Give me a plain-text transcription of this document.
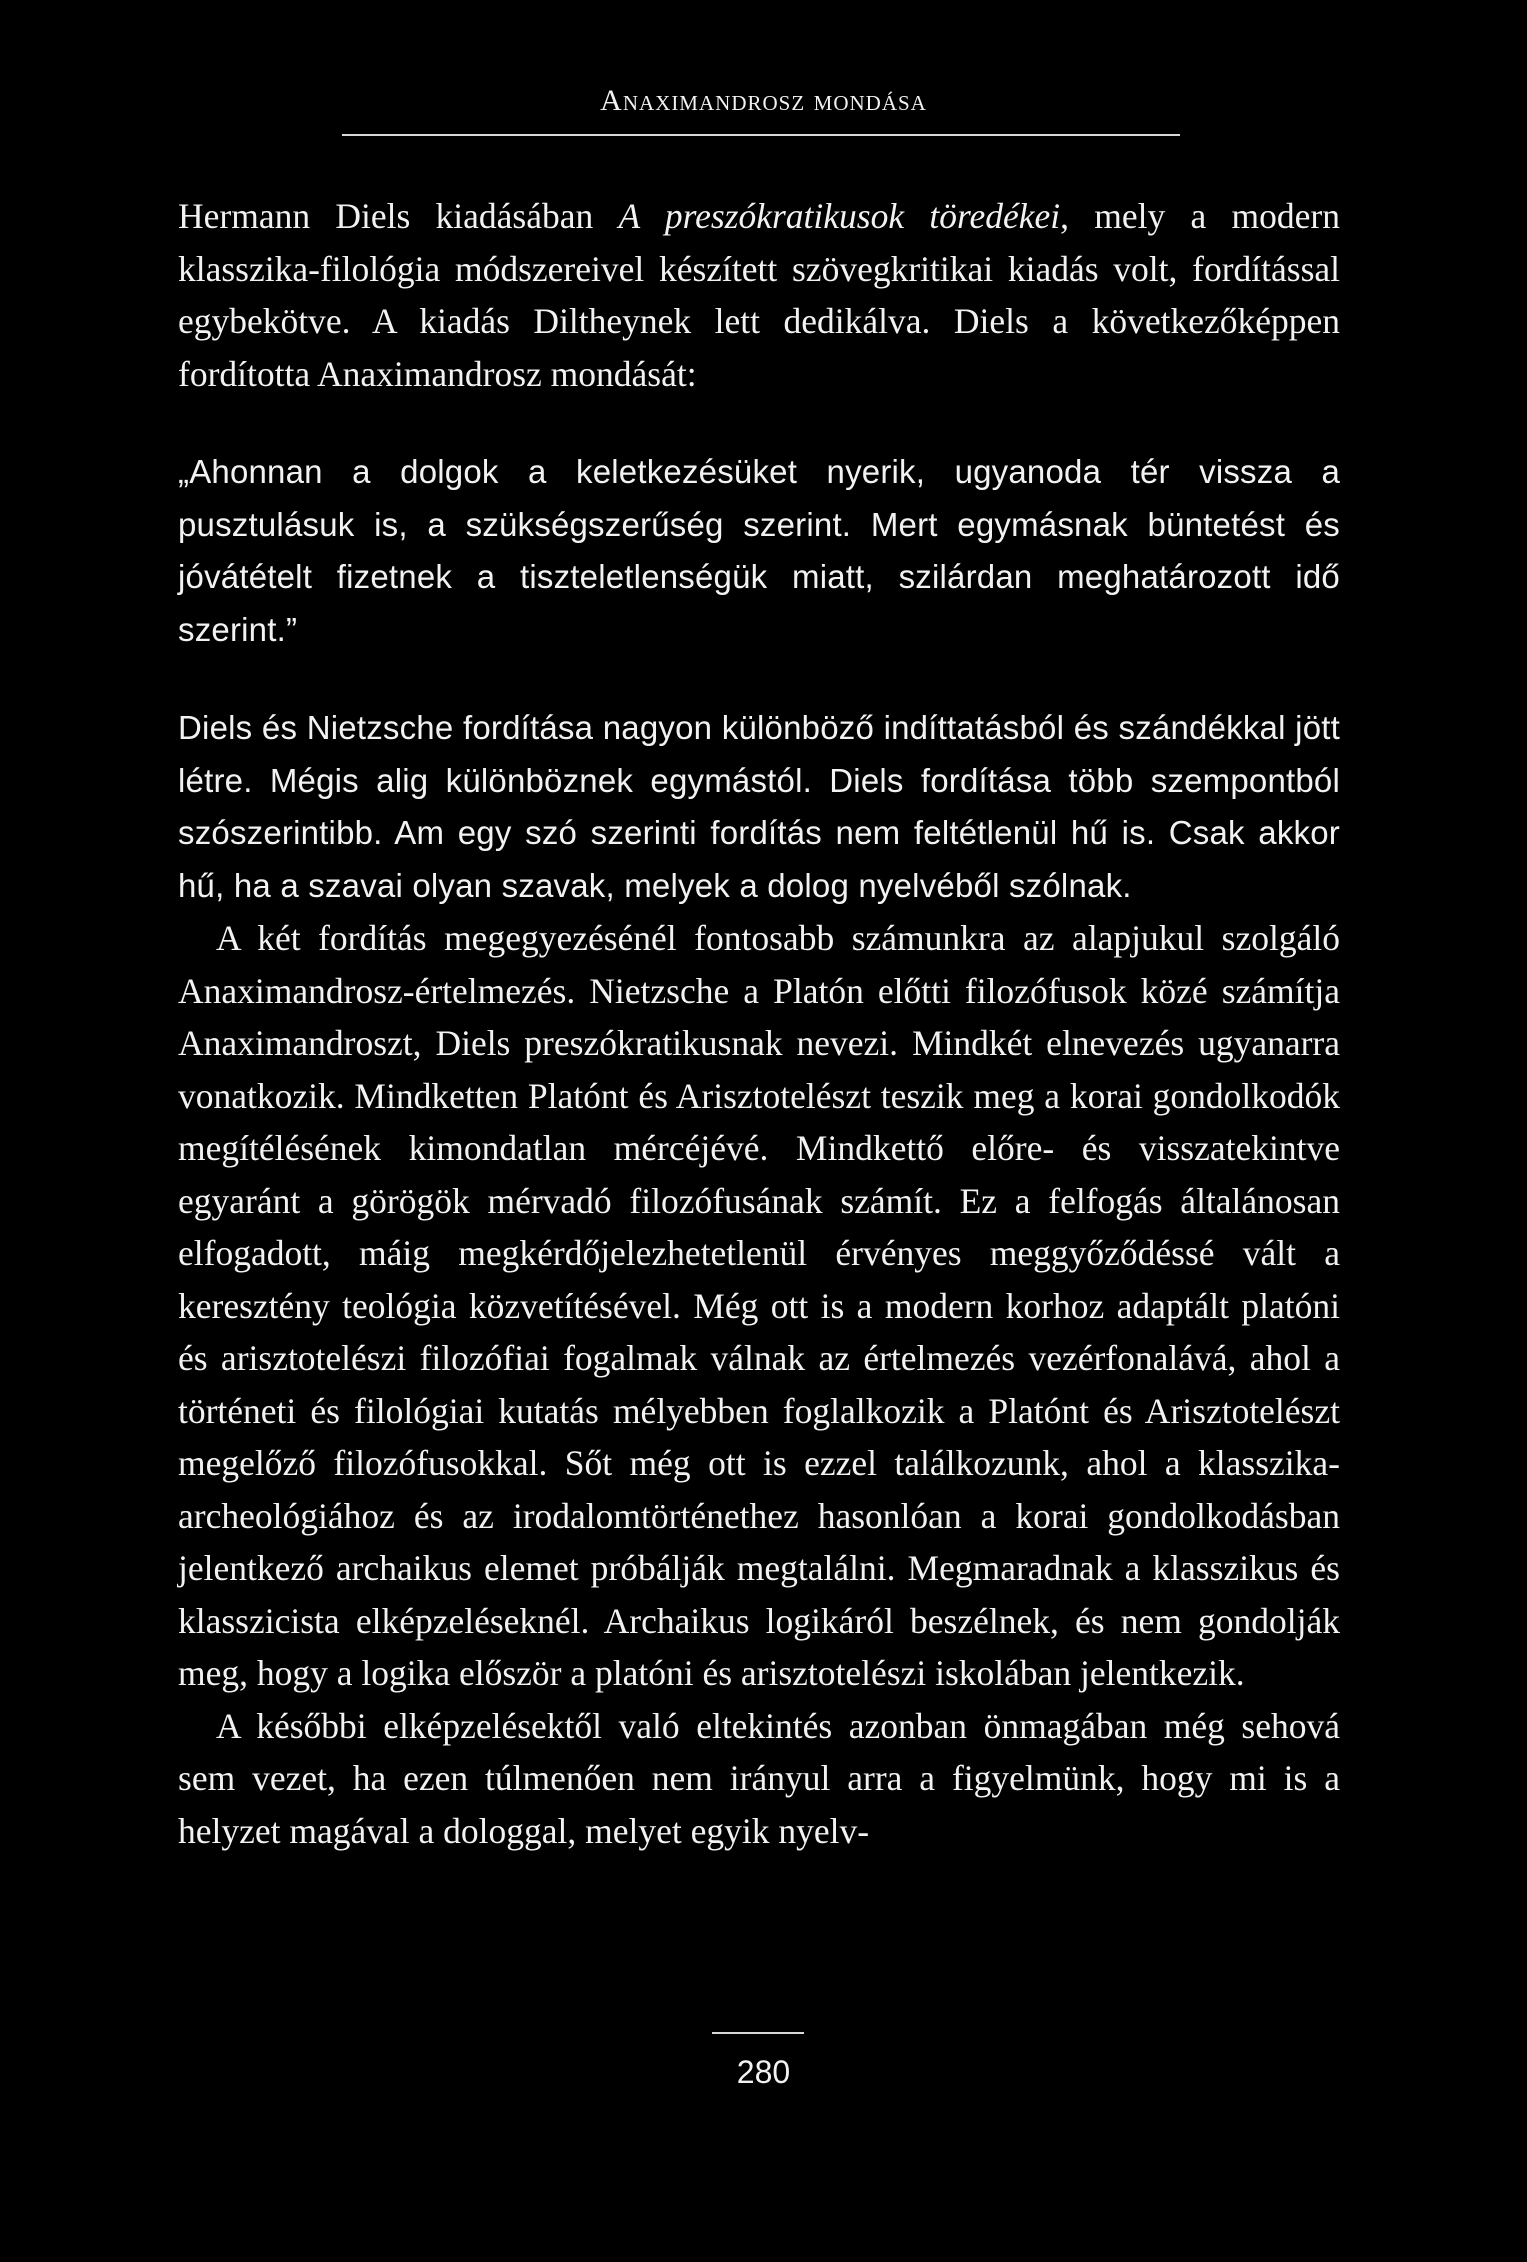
Anaximandrosz mondása

Hermann Diels kiadásában A preszókratikusok töredékei, mely a modern klasszika-filológia módszereivel készített szövegkritikai kiadás volt, fordítással egybekötve. A kiadás Diltheynek lett dedikálva. Diels a következőképpen fordította Anaximandrosz mondását:

„Ahonnan a dolgok a keletkezésüket nyerik, ugyanoda tér vissza a pusztulásuk is, a szükségszerűség szerint. Mert egymásnak büntetést és jóvátételt fizetnek a tiszteletlenségük miatt, szilárdan meghatározott idő szerint.”

Diels és Nietzsche fordítása nagyon különböző indíttatásból és szándékkal jött létre. Mégis alig különböznek egymástól. Diels fordítása több szempontból szószerintibb. Am egy szó szerinti fordítás nem feltétlenül hű is. Csak akkor hű, ha a szavai olyan szavak, melyek a dolog nyelvéből szólnak.

A két fordítás megegyezésénél fontosabb számunkra az alapjukul szolgáló Anaximandrosz-értelmezés. Nietzsche a Platón előtti filozófusok közé számítja Anaximandroszt, Diels preszókratikusnak nevezi. Mindkét elnevezés ugyanarra vonatkozik. Mindketten Platónt és Arisztotelészt teszik meg a korai gondolkodók megítélésének kimondatlan mércéjévé. Mindkettő előre- és visszatekintve egyaránt a görögök mérvadó filozófusának számít. Ez a felfogás általánosan elfogadott, máig megkérdőjelezhetetlenül érvényes meggyőződéssé vált a keresztény teológia közvetítésével. Még ott is a modern korhoz adaptált platóni és arisztotelészi filozófiai fogalmak válnak az értelmezés vezérfonalává, ahol a történeti és filológiai kutatás mélyebben foglalkozik a Platónt és Arisztotelészt megelőző filozófusokkal. Sőt még ott is ezzel találkozunk, ahol a klasszika-archeológiához és az irodalomtörténethez hasonlóan a korai gondolkodásban jelentkező archaikus elemet próbálják megtalálni. Megmaradnak a klasszikus és klasszicista elképzeléseknél. Archaikus logikáról beszélnek, és nem gondolják meg, hogy a logika először a platóni és arisztotelészi iskolában jelentkezik.

A későbbi elképzelésektől való eltekintés azonban önmagában még sehová sem vezet, ha ezen túlmenően nem irányul arra a figyelmünk, hogy mi is a helyzet magával a dologgal, melyet egyik nyelv-

280
